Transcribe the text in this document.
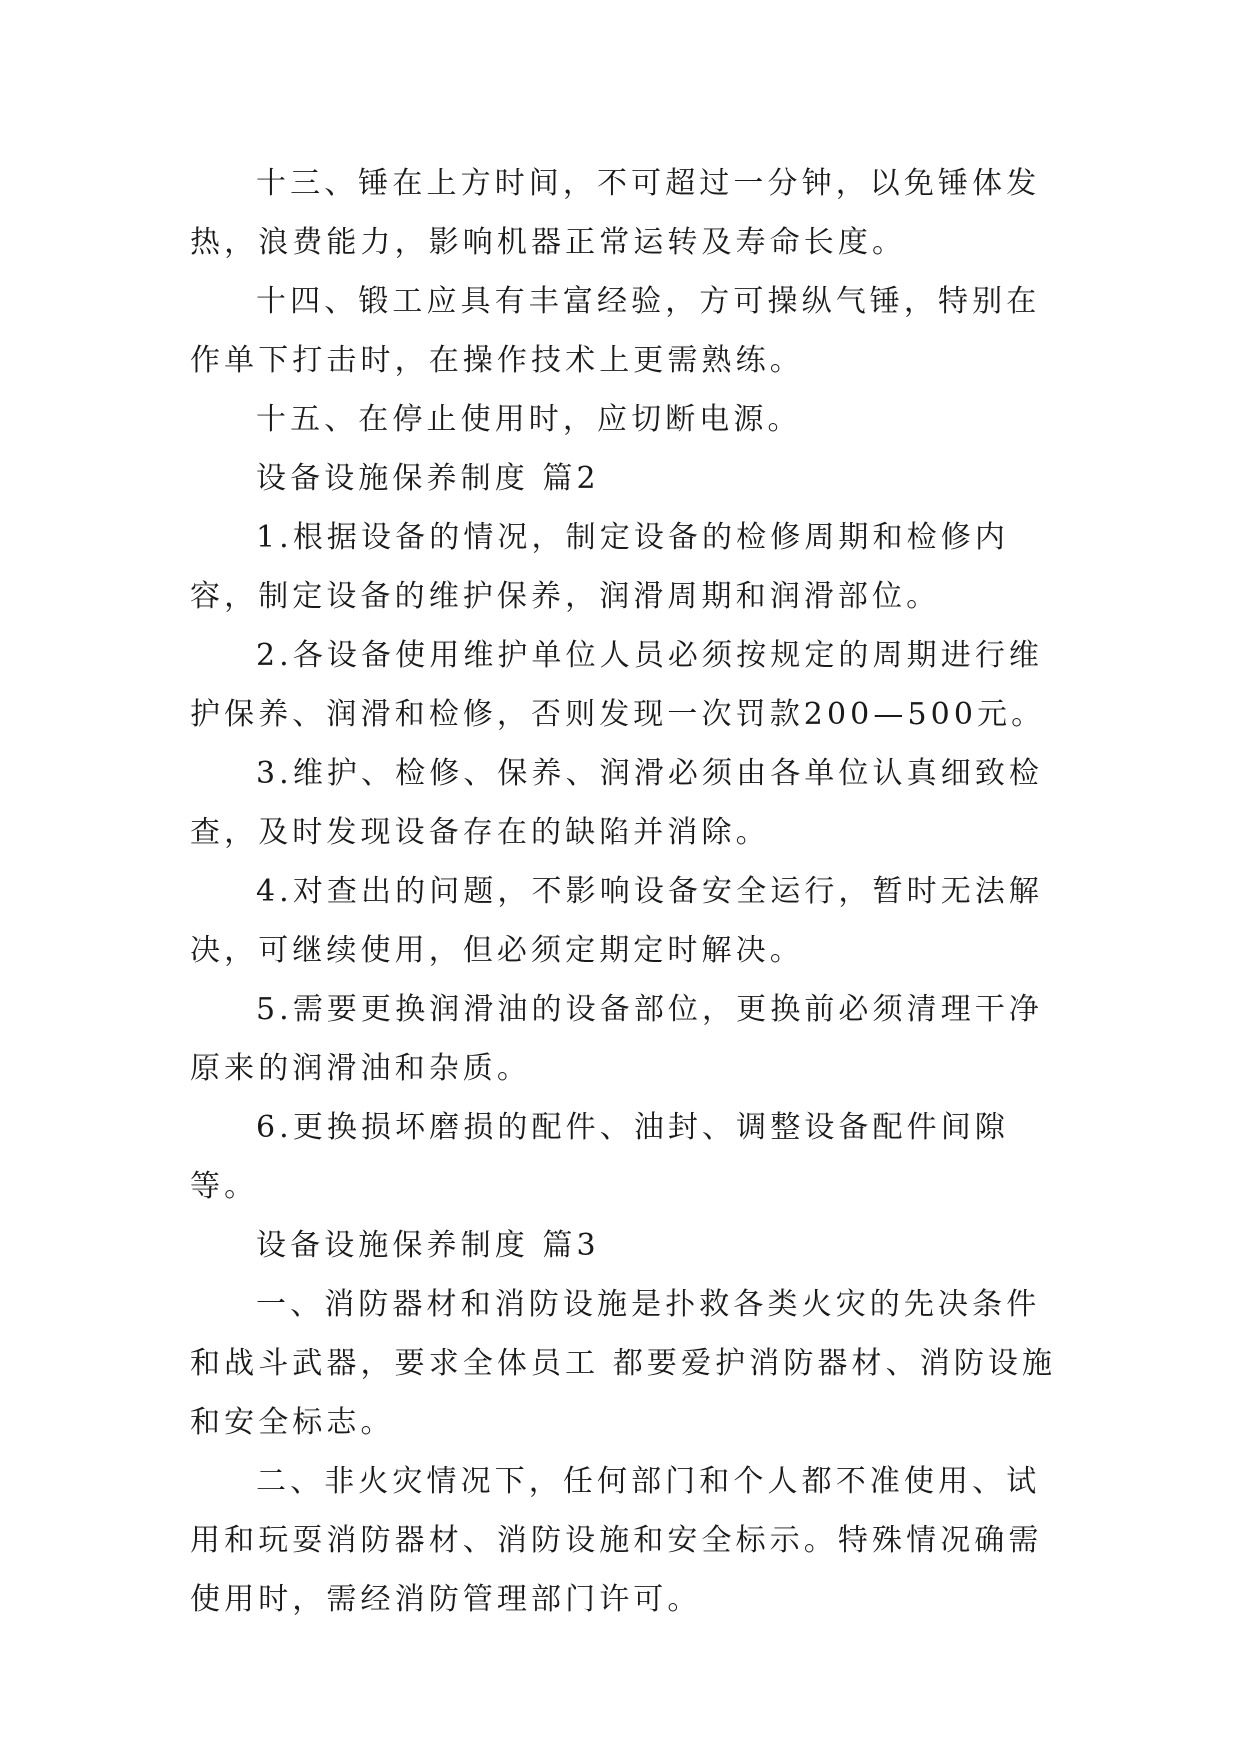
十三、锤在上方时间，不可超过一分钟，以免锤体发热，浪费能力，影响机器正常运转及寿命长度。

十四、锻工应具有丰富经验，方可操纵气锤，特别在作单下打击时，在操作技术上更需熟练。

十五、在停止使用时，应切断电源。

设备设施保养制度 篇2

1.根据设备的情况，制定设备的检修周期和检修内容，制定设备的维护保养，润滑周期和润滑部位。

2.各设备使用维护单位人员必须按规定的周期进行维护保养、润滑和检修，否则发现一次罚款200—500元。

3.维护、检修、保养、润滑必须由各单位认真细致检查，及时发现设备存在的缺陷并消除。

4.对查出的问题，不影响设备安全运行，暂时无法解决，可继续使用，但必须定期定时解决。

5.需要更换润滑油的设备部位，更换前必须清理干净原来的润滑油和杂质。

6.更换损坏磨损的配件、油封、调整设备配件间隙等。

设备设施保养制度 篇3

一、消防器材和消防设施是扑救各类火灾的先决条件和战斗武器，要求全体员工 都要爱护消防器材、消防设施和安全标志。

二、非火灾情况下，任何部门和个人都不准使用、试用和玩耍消防器材、消防设施和安全标示。特殊情况确需使用时，需经消防管理部门许可。
